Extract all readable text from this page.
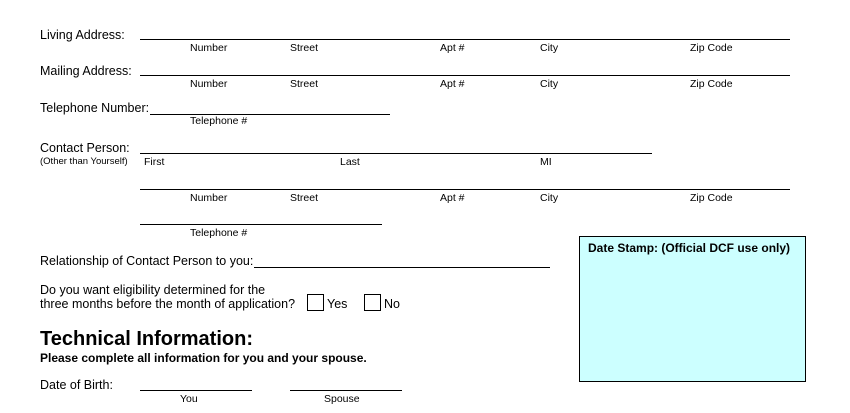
Living Address:
Number	Street	Apt #	City	Zip Code
Mailing Address:
Number	Street	Apt #	City	Zip Code
Telephone Number:
Telephone #
Contact Person:
(Other than Yourself) First	Last	MI
Number	Street	Apt #	City	Zip Code
Telephone #
Relationship of Contact Person to you:
Do you want eligibility determined for the
three months before the month of application?	Yes	No
Date Stamp: (Official DCF use only)
Technical Information:
Please complete all information for you and your spouse.
Date of Birth:
You	Spouse
